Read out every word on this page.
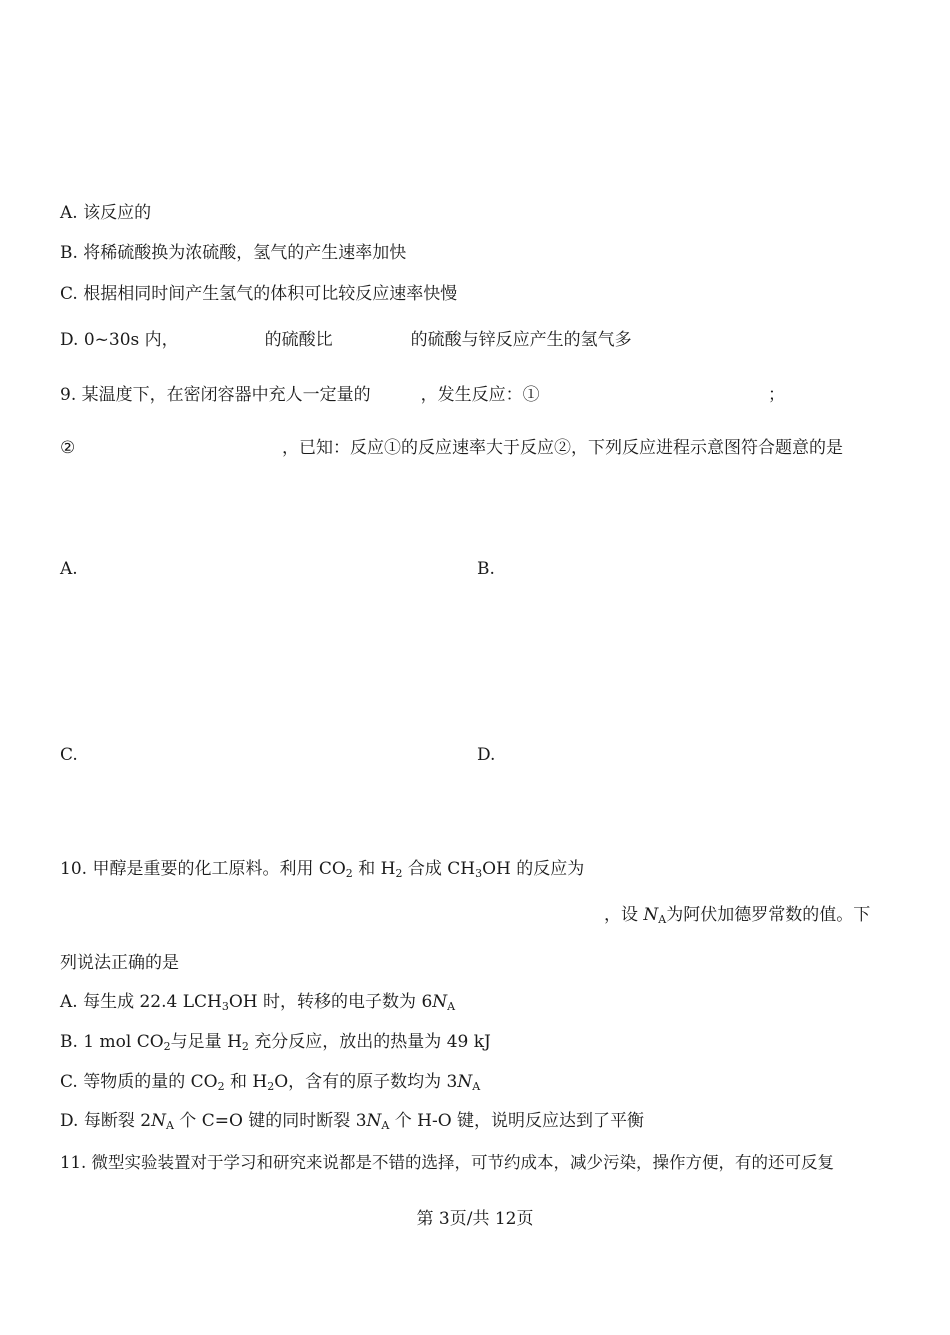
A. 该反应的
B. 将稀硫酸换为浓硫酸，氢气的产生速率加快
C. 根据相同时间产生氢气的体积可比较反应速率快慢
D. 0~30s 内，	的硫酸比	的硫酸与锌反应产生的氢气多
9. 某温度下，在密闭容器中充人一定量的	，发生反应：①	；
②	，已知：反应①的反应速率大于反应②，下列反应进程示意图符合题意的是
A.	B.
C.	D.
10. 甲醇是重要的化工原料。利用 $CO_2$ 和 $H_2$ 合成 $CH_3OH$ 的反应为
，设 $N_A$为阿伏加德罗常数的值。下
列说法正确的是
A. 每生成 22.4 $LCH_3OH$ 时，转移的电子数为 $6N_A$
B. 1 mol $CO_2$与足量 $H_2$ 充分反应，放出的热量为 49 kJ
C. 等物质的量的 $CO_2$ 和 $H_2O$，含有的原子数均为 $3N_A$
D. 每断裂 $2N_A$ 个 C=O 键的同时断裂 $3N_A$ 个 H-O 键，说明反应达到了平衡
11. 微型实验装置对于学习和研究来说都是不错的选择，可节约成本，减少污染，操作方便，有的还可反复
第 3页/共 12页
